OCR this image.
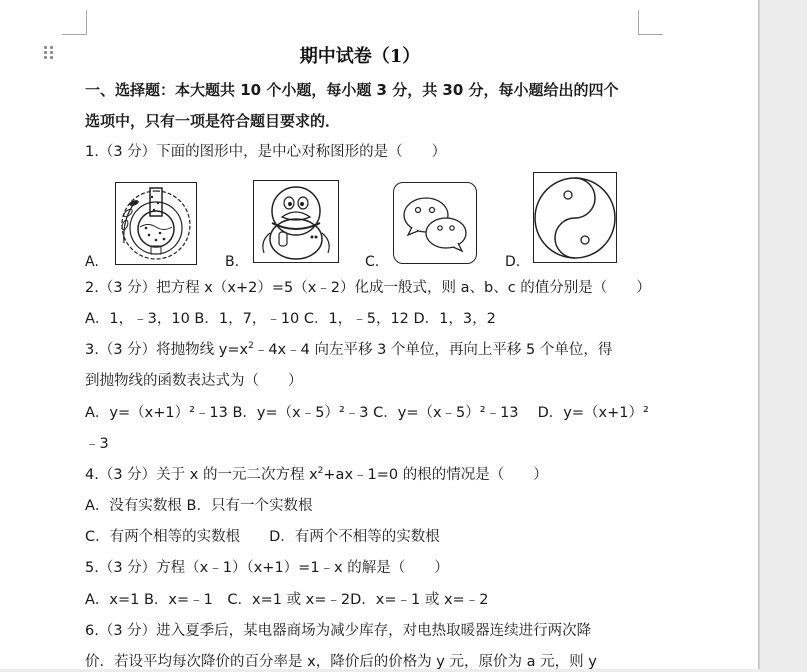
期中试卷（1）
一、选择题：本大题共 10 个小题，每小题 3 分，共 30 分，每小题给出的四个
选项中，只有一项是符合题目要求的．
1.（3 分）下面的图形中，是中心对称图形的是（　　）
A.	B.	C.	D.
2.（3 分）把方程 x（x+2）=5（x﹣2）化成一般式，则 a、b、c 的值分别是（　　）
A．1，﹣3，10 B．1，7，﹣10 C．1，﹣5，12 D．1，3，2
3.（3 分）将抛物线 $y=x^2﹣4x﹣4$ 向左平移 3 个单位，再向上平移 5 个单位，得
到抛物线的函数表达式为（　　）
A．y=（x+1）²﹣13 B．y=（x﹣5）²﹣3 C．y=（x﹣5）²﹣13　 D．y=（x+1）²
﹣3
4.（3 分）关于 x 的一元二次方程 $x^2+ax﹣1=0$ 的根的情况是（　　）
A．没有实数根 B．只有一个实数根
C．有两个相等的实数根　　D．有两个不相等的实数根
5.（3 分）方程（x﹣1）（x+1）=1﹣x 的解是（　　）
A．x=1 B．x=﹣1　C．x=1 或 x=﹣2D．x=﹣1 或 x=﹣2
6.（3 分）进入夏季后，某电器商场为减少库存，对电热取暖器连续进行两次降
价．若设平均每次降价的百分率是 x，降价后的价格为 y 元，原价为 a 元，则 y
